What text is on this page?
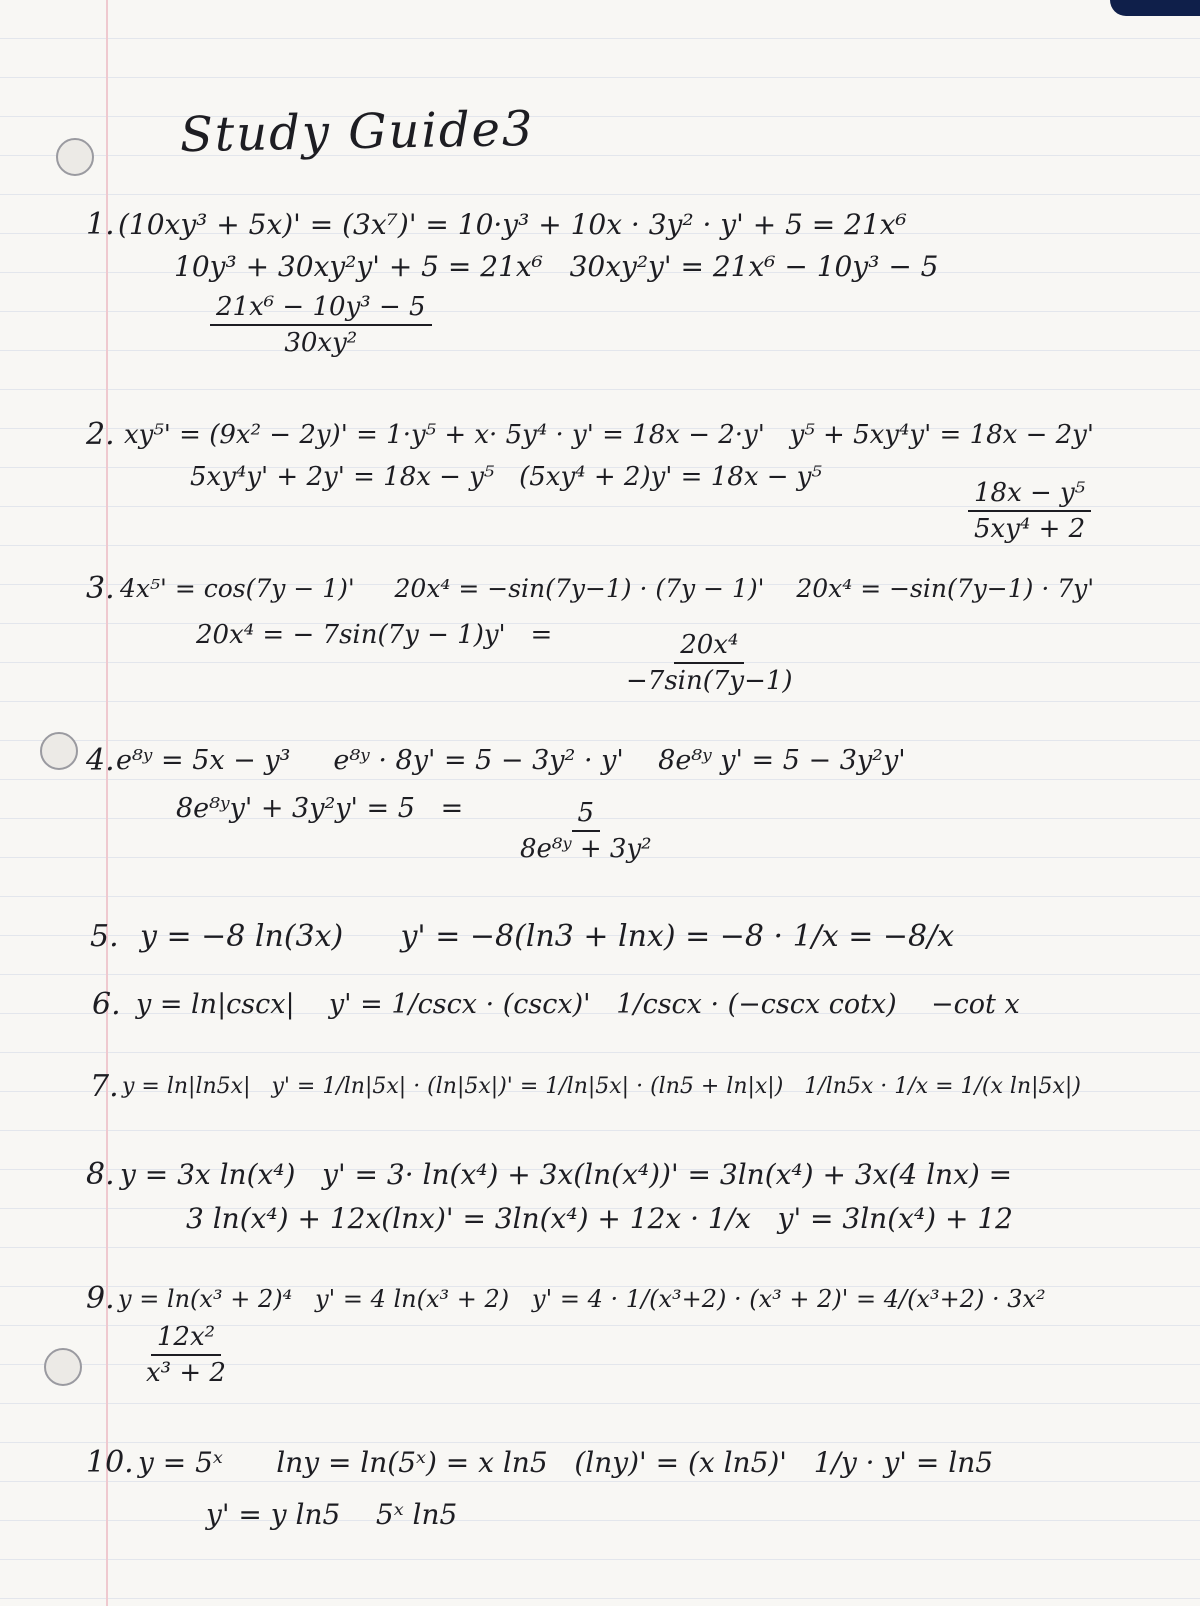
Study Guide3
1. (10xy³ + 5x)' = (3x⁷)' = 10·y³ + 10x · 3y² · y' + 5 = 21x⁶
10y³ + 30xy²y' + 5 = 21x⁶   30xy²y' = 21x⁶ − 10y³ − 5
$\frac{\text{21x⁶ − 10y³ − 5}}{\text{30xy²}}$
2. xy⁵' = (9x² − 2y)' = 1·y⁵ + x· 5y⁴ · y' = 18x − 2·y'   y⁵ + 5xy⁴y' = 18x − 2y'
5xy⁴y' + 2y' = 18x − y⁵   (5xy⁴ + 2)y' = 18x − y⁵
$\frac{\text{18x − y⁵}}{\text{5xy⁴ + 2}}$
3. 4x⁵' = cos(7y − 1)'     20x⁴ = −sin(7y−1) · (7y − 1)'    20x⁴ = −sin(7y−1) · 7y'
20x⁴ = − 7sin(7y − 1)y'   =	$\frac{\text{20x⁴}}{-7\sin(7y-1)}$
4. e⁸ʸ = 5x − y³     e⁸ʸ · 8y' = 5 − 3y² · y'    8e⁸ʸ y' = 5 − 3y²y'
8e⁸ʸy' + $3y^2y' = 5 = \frac{5}{\text{8e⁸ʸ + 3y²}}$
5. y = −8 ln(3x)      y' = −8(ln3 + lnx) = −8 · 1/x = −8/x
6. y = ln|cscx|    y' = 1/cscx · (cscx)'   1/cscx · (−cscx cotx)    −cot x
7. y = ln|ln5x|   y' = 1/ln|5x| · (ln|5x|)' = 1/ln|5x| · (ln5 + ln|x|)   1/ln5x · 1/x = 1/(x ln|5x|)
8. y = 3x ln(x⁴)   y' = 3· ln(x⁴) + 3x(ln(x⁴))' = 3ln(x⁴) + 3x(4 lnx) =
3 ln(x⁴) + 12x(lnx)' = 3ln(x⁴) + 12x · 1/x   y' = 3ln(x⁴) + 12
9. y = ln(x³ + 2)⁴   y' = 4 ln(x³ + 2)   y' = 4 · 1/(x³+2) · (x³ + 2)' = 4/(x³+2) · 3x²
$\frac{\text{12x²}}{\text{x³ + 2}}$
10. y = 5ˣ      lny = ln(5ˣ) = x ln5   (lny)' = (x ln5)'   1/y · y' = ln5
y' = y ln5    5ˣ ln5
